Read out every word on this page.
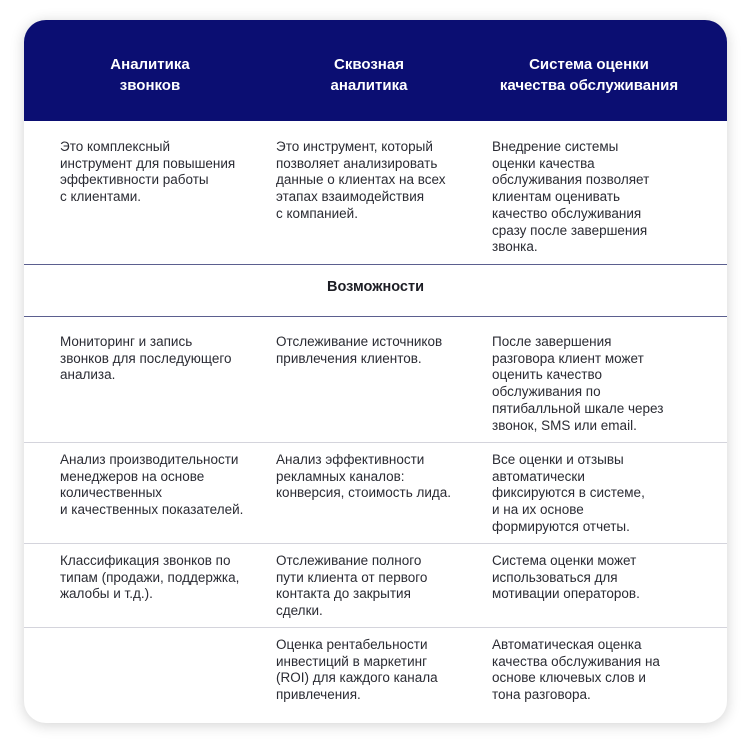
Аналитика
звонков
Сквозная
аналитика
Система оценки
качества обслуживания
Это комплексный
инструмент для повышения
эффективности работы
с клиентами.
Это инструмент, который
позволяет анализировать
данные о клиентах на всех
этапах взаимодействия
с компанией.
Внедрение системы
оценки качества
обслуживания позволяет
клиентам оценивать
качество обслуживания
сразу после завершения
звонка.
Возможности
Мониторинг и запись
звонков для последующего
анализа.
Отслеживание источников
привлечения клиентов.
После завершения
разговора клиент может
оценить качество
обслуживания по
пятибалльной шкале через
звонок, SMS или email.
Анализ производительности
менеджеров на основе
количественных
и качественных показателей.
Анализ эффективности
рекламных каналов:
конверсия, стоимость лида.
Все оценки и отзывы
автоматически
фиксируются в системе,
и на их основе
формируются отчеты.
Классификация звонков по
типам (продажи, поддержка,
жалобы и т.д.).
Отслеживание полного
пути клиента от первого
контакта до закрытия
сделки.
Система оценки может
использоваться для
мотивации операторов.
Оценка рентабельности
инвестиций в маркетинг
(ROI) для каждого канала
привлечения.
Автоматическая оценка
качества обслуживания на
основе ключевых слов и
тона разговора.
